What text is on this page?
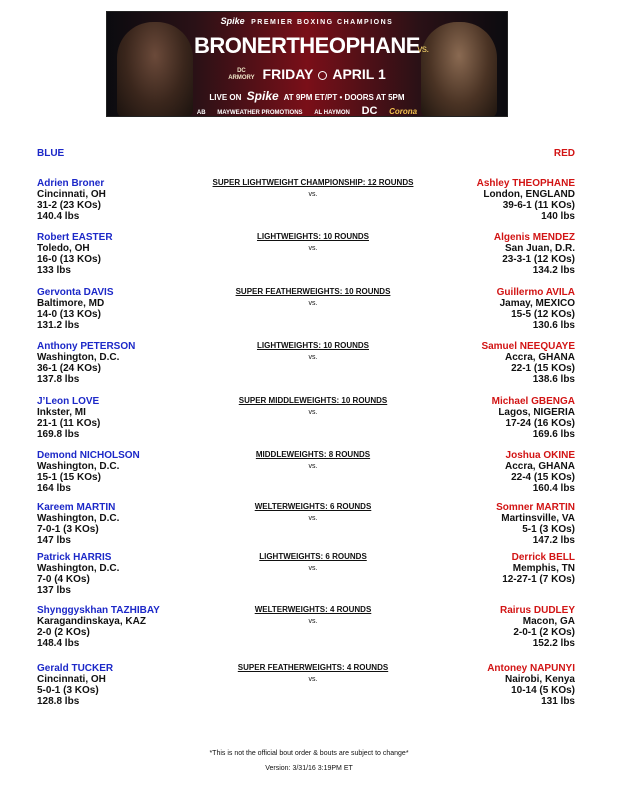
Spike PREMIER BOXING CHAMPIONS
BRONER	vs.
THEOPHANE
DC
ARMORY FRIDAY APRIL 1
LIVE ON Spike AT 9PM ET/PT • DOORS AT 5PM
AB MAYWEATHER PROMOTIONS AL HAYMON DC Corona
BLUE	RED
Adrien Broner
Cincinnati, OH
31-2 (23 KOs)
140.4 lbs
SUPER LIGHTWEIGHT CHAMPIONSHIP: 12 ROUNDS
vs.
Ashley THEOPHANE
London, ENGLAND
39-6-1 (11 KOs)
140 lbs
Robert EASTER
Toledo, OH
16-0 (13 KOs)
133 lbs
LIGHTWEIGHTS: 10 ROUNDS
vs.
Algenis MENDEZ
San Juan, D.R.
23-3-1 (12 KOs)
134.2 lbs
Gervonta DAVIS
Baltimore, MD
14-0 (13 KOs)
131.2 lbs
SUPER FEATHERWEIGHTS: 10 ROUNDS
vs.
Guillermo AVILA
Jamay, MEXICO
15-5 (12 KOs)
130.6 lbs
Anthony PETERSON
Washington, D.C.
36-1 (24 KOs)
137.8 lbs
LIGHTWEIGHTS: 10 ROUNDS
vs.
Samuel NEEQUAYE
Accra, GHANA
22-1 (15 KOs)
138.6 lbs
J’Leon LOVE
Inkster, MI
21-1 (11 KOs)
169.8 lbs
SUPER MIDDLEWEIGHTS: 10 ROUNDS
vs.
Michael GBENGA
Lagos, NIGERIA
17-24 (16 KOs)
169.6 lbs
Demond NICHOLSON
Washington, D.C.
15-1 (15 KOs)
164 lbs
MIDDLEWEIGHTS: 8 ROUNDS
vs.
Joshua OKINE
Accra, GHANA
22-4 (15 KOs)
160.4 lbs
Kareem MARTIN
Washington, D.C.
7-0-1 (3 KOs)
147 lbs
WELTERWEIGHTS: 6 ROUNDS
vs.
Somner MARTIN
Martinsville, VA
5-1 (3 KOs)
147.2 lbs
Patrick HARRIS
Washington, D.C.
7-0 (4 KOs)
137 lbs
LIGHTWEIGHTS: 6 ROUNDS
vs.
Derrick BELL
Memphis, TN
12-27-1 (7 KOs)
Shynggyskhan TAZHIBAY
Karagandinskaya, KAZ
2-0 (2 KOs)
148.4 lbs
WELTERWEIGHTS: 4 ROUNDS
vs.
Rairus DUDLEY
Macon, GA
2-0-1 (2 KOs)
152.2 lbs
Gerald TUCKER
Cincinnati, OH
5-0-1 (3 KOs)
128.8 lbs
SUPER FEATHERWEIGHTS: 4 ROUNDS
vs.
Antoney NAPUNYI
Nairobi, Kenya
10-14 (5 KOs)
131 lbs
*This is not the official bout order & bouts are subject to change*
Version: 3/31/16 3:19PM ET
